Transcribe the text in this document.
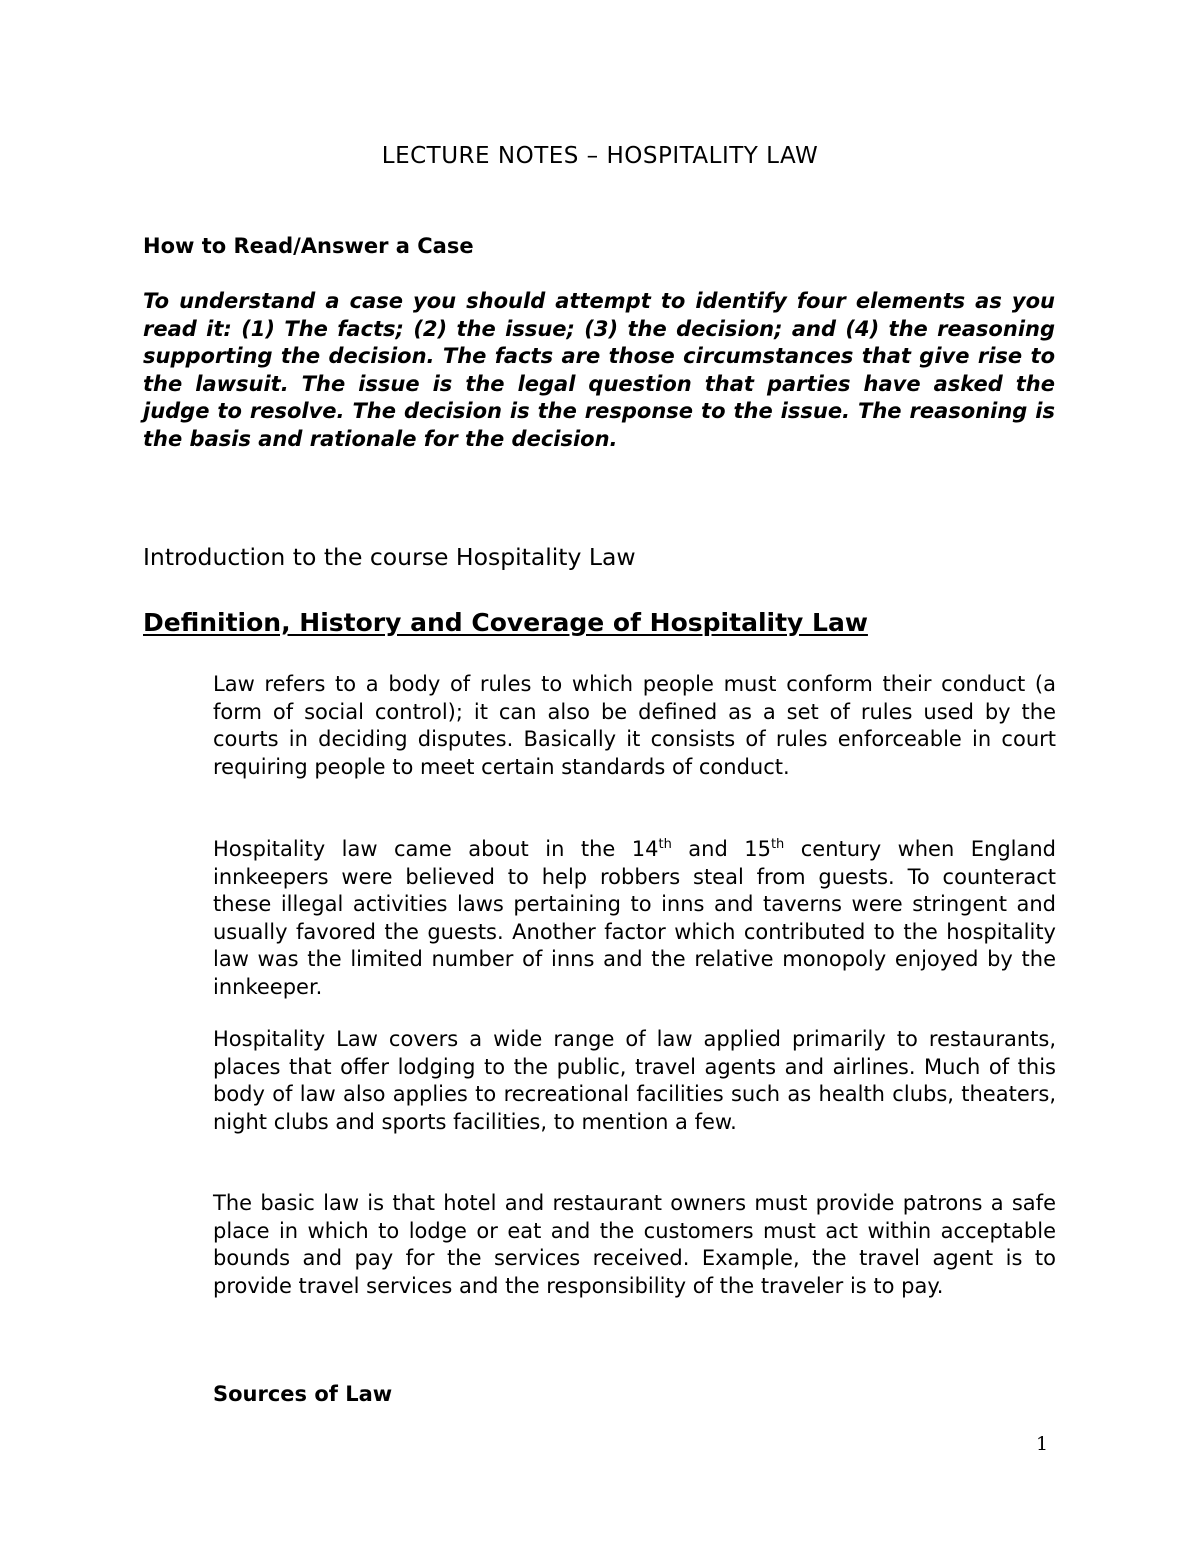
LECTURE NOTES – HOSPITALITY LAW
How to Read/Answer a Case
To understand a case you should attempt to identify four elements as you read it: (1) The facts; (2) the issue; (3) the decision; and (4) the reasoning supporting the decision. The facts are those circumstances that give rise to the lawsuit. The issue is the legal question that parties have asked the judge to resolve. The decision is the response to the issue. The reasoning is the basis and rationale for the decision.
Introduction to the course Hospitality Law
Definition, History and Coverage of Hospitality Law
Law refers to a body of rules to which people must conform their conduct (a form of social control); it can also be defined as a set of rules used by the courts in deciding disputes. Basically it consists of rules enforceable in court requiring people to meet certain standards of conduct.
Hospitality law came about in the 14th and 15th century when England innkeepers were believed to help robbers steal from guests. To counteract these illegal activities laws pertaining to inns and taverns were stringent and usually favored the guests. Another factor which contributed to the hospitality law was the limited number of inns and the relative monopoly enjoyed by the innkeeper.
Hospitality Law covers a wide range of law applied primarily to restaurants, places that offer lodging to the public, travel agents and airlines. Much of this body of law also applies to recreational facilities such as health clubs, theaters, night clubs and sports facilities, to mention a few.
The basic law is that hotel and restaurant owners must provide patrons a safe place in which to lodge or eat and the customers must act within acceptable bounds and pay for the services received. Example, the travel agent is to provide travel services and the responsibility of the traveler is to pay.
Sources of Law
1
